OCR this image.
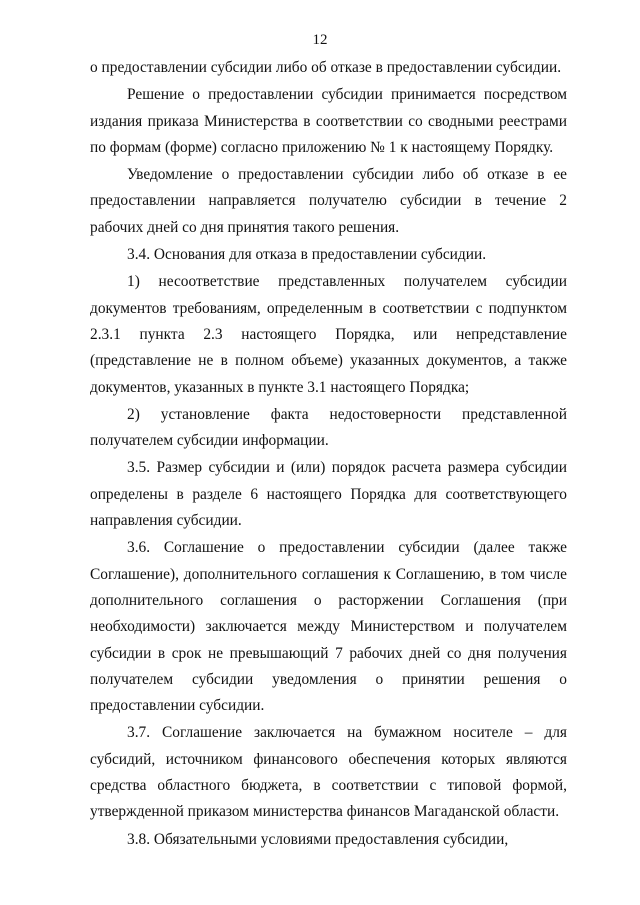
12

о предоставлении субсидии либо об отказе в предоставлении субсидии.

Решение о предоставлении субсидии принимается посредством издания приказа Министерства в соответствии со сводными реестрами по формам (форме) согласно приложению № 1 к настоящему Порядку.

Уведомление о предоставлении субсидии либо об отказе в ее предоставлении направляется получателю субсидии в течение 2 рабочих дней со дня принятия такого решения.

3.4. Основания для отказа в предоставлении субсидии.

1) несоответствие представленных получателем субсидии документов требованиям, определенным в соответствии с подпунктом 2.3.1 пункта 2.3 настоящего Порядка, или непредставление (представление не в полном объеме) указанных документов, а также документов, указанных в пункте 3.1 настоящего Порядка;

2) установление факта недостоверности представленной получателем субсидии информации.

3.5. Размер субсидии и (или) порядок расчета размера субсидии определены в разделе 6 настоящего Порядка для соответствующего направления субсидии.

3.6. Соглашение о предоставлении субсидии (далее также Соглашение), дополнительного соглашения к Соглашению, в том числе дополнительного соглашения о расторжении Соглашения (при необходимости) заключается между Министерством и получателем субсидии в срок не превышающий 7 рабочих дней со дня получения получателем субсидии уведомления о принятии решения о предоставлении субсидии.

3.7. Соглашение заключается на бумажном носителе – для субсидий, источником финансового обеспечения которых являются средства областного бюджета, в соответствии с типовой формой, утвержденной приказом министерства финансов Магаданской области.

3.8. Обязательными условиями предоставления субсидии,
